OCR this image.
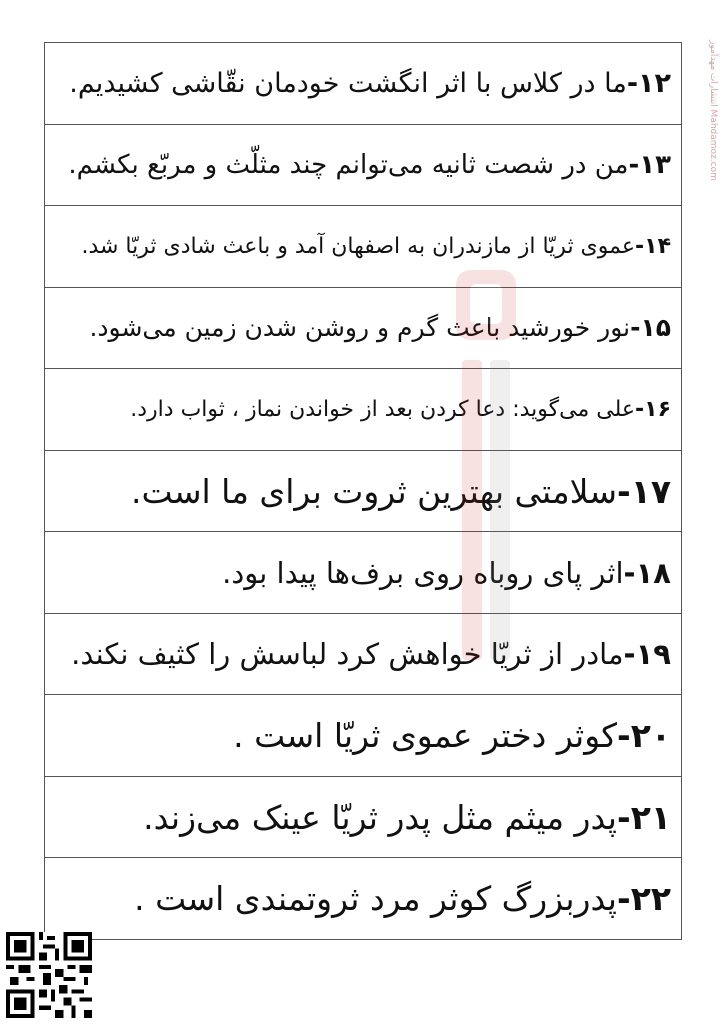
۱۲-ما در کلاس با اثر انگشت خودمان نقّاشی کشیدیم.
۱۳-من در شصت ثانیه می‌توانم چند مثلّث و مربّع بکشم.
۱۴-عموی ثریّا از مازندران به اصفهان آمد و باعث شادی ثریّا شد.
۱۵-نور خورشید باعث گرم و روشن شدن زمین می‌شود.
۱۶-علی می‌گوید: دعا کردن بعد از خواندن نماز ، ثواب دارد.
۱۷-سلامتی بهترین ثروت برای ما است.
۱۸-اثر پای روباه روی برف‌ها پیدا بود.
۱۹-مادر از ثریّا خواهش کرد لباسش را کثیف نکند.
۲۰-کوثر دختر عموی ثریّا است .
۲۱-پدر میثم مثل پدر ثریّا عینک می‌زند.
۲۲-پدربزرگ کوثر مرد ثروتمندی است .
انتشارات مهدآموز Mahdamoz.com
